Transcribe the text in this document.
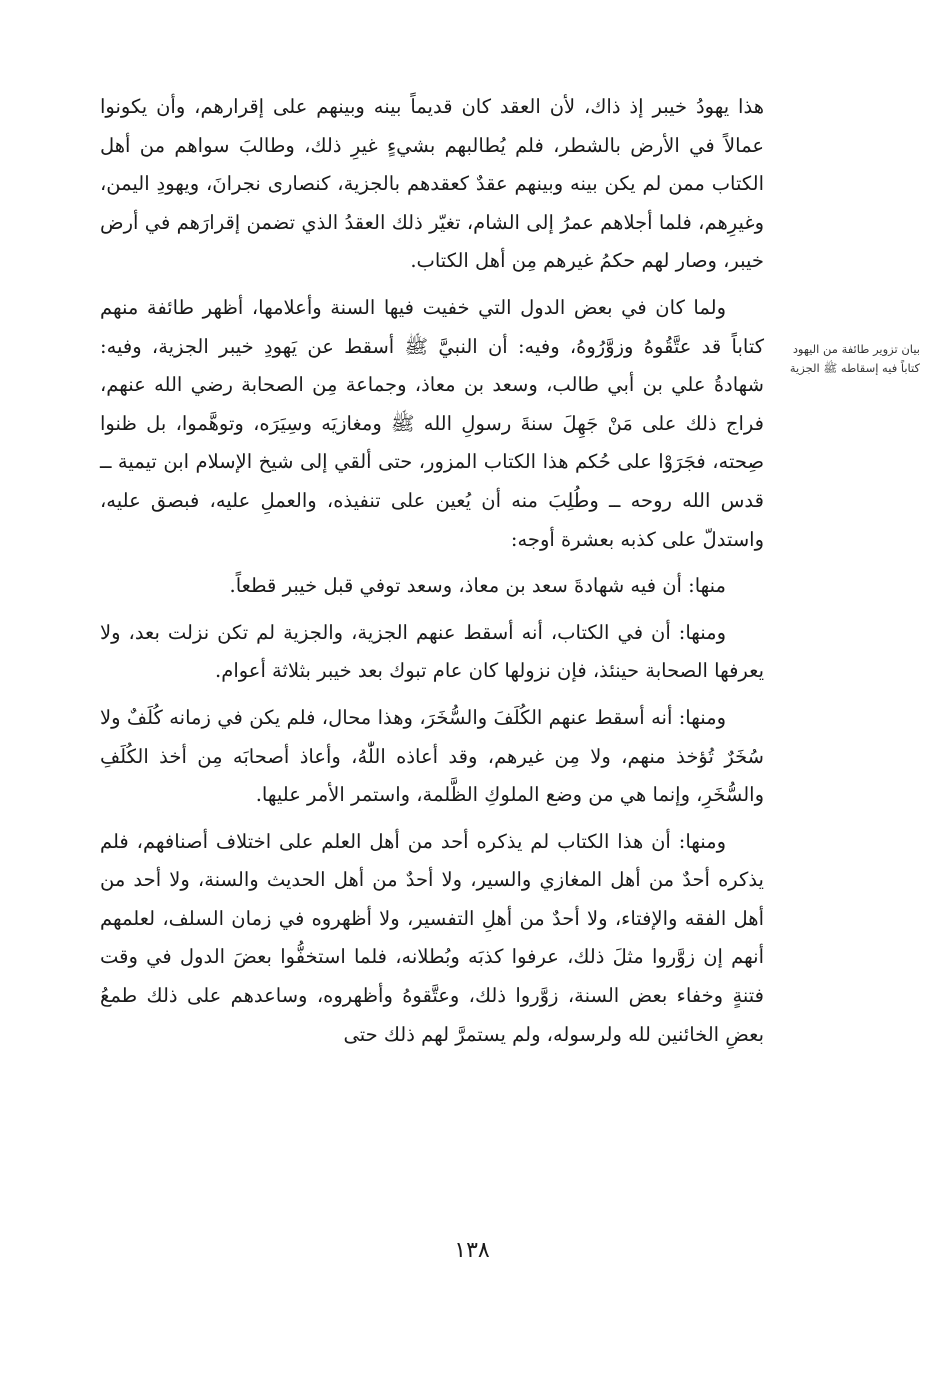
هذا يهودُ خيبر إذ ذاك، لأن العقد كان قديماً بينه وبينهم على إقرارهم، وأن يكونوا عمالاً في الأرض بالشطر، فلم يُطالبهم بشيءٍ غيرِ ذلك، وطالبَ سواهم من أهل الكتاب ممن لم يكن بينه وبينهم عقدٌ كعقدهم بالجزية، كنصارى نجرانَ، ويهودِ اليمن، وغيرِهم، فلما أجلاهم عمرُ إلى الشام، تغيّر ذلك العقدُ الذي تضمن إقرارَهم في أرض خيبر، وصار لهم حكمُ غيرهم مِن أهل الكتاب.

ولما كان في بعض الدول التي خفيت فيها السنة وأعلامها، أظهر طائفة منهم كتاباً قد عتَّقُوهُ وزوَّرُوهُ، وفيه: أن النبيَّ ﷺ أسقط عن يَهودِ خيبر الجزية، وفيه: شهادةُ علي بن أبي طالب، وسعد بن معاذ، وجماعة مِن الصحابة رضي الله عنهم، فراج ذلك على مَنْ جَهِلَ سنةَ رسولِ الله ﷺ ومغازيَه وسِيَرَه، وتوهَّموا، بل ظنوا صِحته، فجَرَوْا على حُكم هذا الكتاب المزور، حتى ألقي إلى شيخ الإسلام ابن تيمية ــ قدس الله روحه ــ وطُلِبَ منه أن يُعين على تنفيذه، والعملِ عليه، فبصق عليه، واستدلّ على كذبه بعشرة أوجه:

منها: أن فيه شهادةَ سعد بن معاذ، وسعد توفي قبل خيبر قطعاً.

ومنها: أن في الكتاب، أنه أسقط عنهم الجزية، والجزية لم تكن نزلت بعد، ولا يعرفها الصحابة حينئذ، فإن نزولها كان عام تبوك بعد خيبر بثلاثة أعوام.

ومنها: أنه أسقط عنهم الكُلَفَ والسُّخَرَ، وهذا محال، فلم يكن في زمانه كُلَفٌ ولا سُخَرٌ تُؤخذ منهم، ولا مِن غيرهم، وقد أعاذه اللّٰهُ، وأعاذ أصحابَه مِن أخذ الكُلَفِ والسُّخَرِ، وإنما هي من وضع الملوكِ الظَّلمة، واستمر الأمر عليها.

ومنها: أن هذا الكتاب لم يذكره أحد من أهل العلم على اختلاف أصنافهم، فلم يذكره أحدٌ من أهل المغازي والسير، ولا أحدٌ من أهل الحديث والسنة، ولا أحد من أهل الفقه والإفتاء، ولا أحدٌ من أهلِ التفسير، ولا أظهروه في زمان السلف، لعلمهم أنهم إن زوَّروا مثلَ ذلك، عرفوا كذبَه وبُطلانه، فلما استخفُّوا بعضَ الدول في وقت فتنةٍ وخفاء بعض السنة، زوَّروا ذلك، وعتَّقوهُ وأظهروه، وساعدهم على ذلك طمعُ بعضِ الخائنين لله ولرسوله، ولم يستمرَّ لهم ذلك حتى

بيان تزوير طائفة من اليهود كتاباً فيه إسقاطه ﷺ الجزية
١٣٨
